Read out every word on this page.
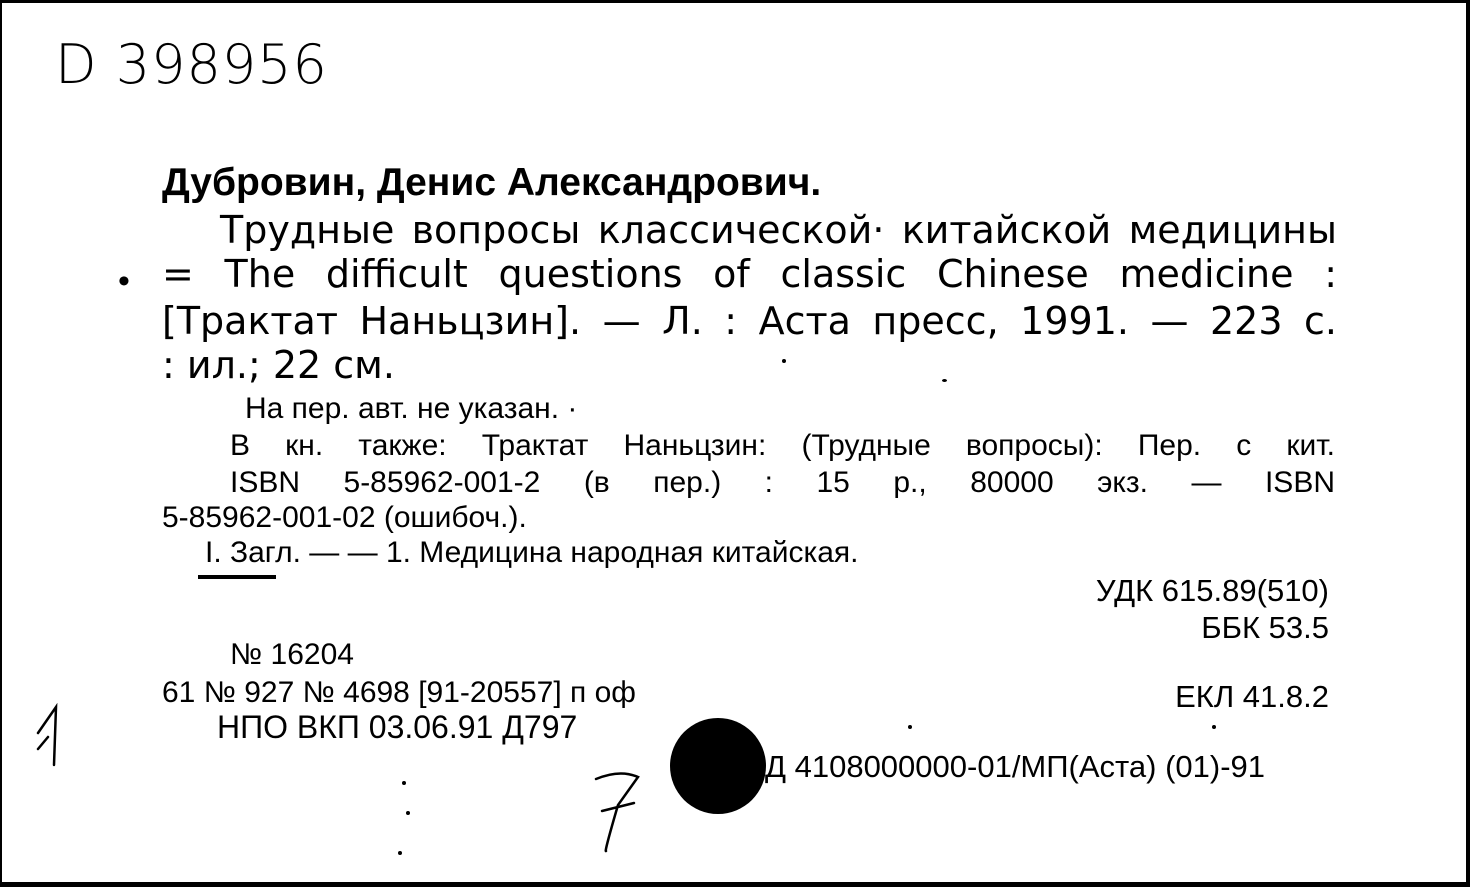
D 398956
Дубровин, Денис Александрович.
•
Трудные вопросы классической· китайской медицины
= The difficult questions of classic Chinese medicine :
[Трактат Наньцзин]. — Л. : Аста пресс, 1991. — 223 с.
: ил.; 22 см.
На пер. авт. не указан. ·
В кн. также: Трактат Наньцзин: (Трудные вопросы): Пер. с кит.
ISBN 5-85962-001-2 (в пер.) : 15 р., 80000 экз. — ISBN
5-85962-001-02 (ошибоч.).
I. Загл. — — 1. Медицина народная китайская.
УДК 615.89(510)
ББК 53.5
№ 16204
61 № 927 № 4698 [91-20557] п оф	ЕКЛ 41.8.2
НПО ВКП 03.06.91 Д797
Д 4108000000-01/МП(Аста) (01)-91
